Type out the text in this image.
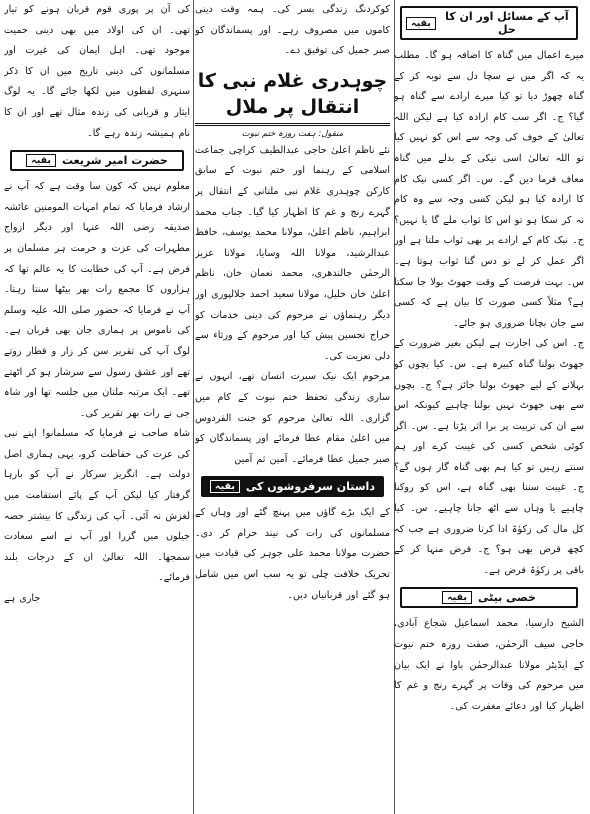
آپ کے مسائل اور ان کا حل
بقیہ

میرے اعمال میں گناہ کا اضافہ ہو گا۔ مطلب یہ کہ اگر میں نے سچا دل سے توبہ کر کے گناہ چھوڑ دیا تو کیا میرے ارادے سے گناہ ہو گیا؟ ج۔ اگر سب کام ارادہ کیا ہے لیکن اللہ تعالیٰ کے خوف کی وجہ سے اس کو نہیں کیا تو اللہ تعالیٰ اسی نیکی کے بدلے میں گناہ معاف فرما دیں گے۔ س۔ اگر کسی نیک کام کا ارادہ کیا ہو لیکن کسی وجہ سے وہ کام نہ کر سکا ہو تو اس کا ثواب ملے گا یا نہیں؟ ج۔ نیک کام کے ارادے پر بھی ثواب ملتا ہے اور اگر عمل کر لے تو دس گنا ثواب ہوتا ہے۔ س۔ بہت فرصت کے وقت جھوٹ بولا جا سکتا ہے؟ مثلاً کسی صورت کا بیان ہے کہ کسی سے جان بچانا ضروری ہو جائے۔

ج۔ اس کی اجازت ہے لیکن بغیر ضرورت کے جھوٹ بولنا گناہ کبیرہ ہے۔ س۔ کیا بچوں کو بہلانے کے لیے جھوٹ بولنا جائز ہے؟ ج۔ بچوں سے بھی جھوٹ نہیں بولنا چاہیے کیونکہ اس سے ان کی تربیت پر برا اثر پڑتا ہے۔ س۔ اگر کوئی شخص کسی کی غیبت کرے اور ہم سنتے رہیں تو کیا ہم بھی گناہ گار ہوں گے؟ ج۔ غیبت سننا بھی گناہ ہے، اس کو روکنا چاہیے یا وہاں سے اٹھ جانا چاہیے۔ س۔ کیا کل مال کی زکوٰۃ ادا کرنا ضروری ہے جب کہ کچھ قرض بھی ہو؟ ج۔ قرض منہا کر کے باقی پر زکوٰۃ فرض ہے۔

خصی بیٹی
بقیہ

الشیخ دارسیا، محمد اسماعیل شجاع آبادی، حاجی سیف الرحمٰن، صفت روزہ ختم نبوت کے ایڈیٹر مولانا عبدالرحمٰن باوا نے ایک بیان میں مرحوم کی وفات پر گہرے رنج و غم کا اظہار کیا اور دعائے مغفرت کی۔

کوکردنگ زندگی بسر کی۔ ہمہ وقت دینی کاموں میں مصروف رہے۔ اور پسماندگان کو صبر جمیل کی توفیق دے۔

چوہدری غلام نبی کا انتقال پر ملال
منقول: ہفت روزہ ختم نبوت

نئے ناظم اعلیٰ حاجی عبدالطیف کراچی جماعت اسلامی کے رہنما اور ختم نبوت کے سابق کارکن چوہدری غلام نبی ملتانی کے انتقال پر گہرے رنج و غم کا اظہار کیا گیا۔ جناب محمد ابراہیم، ناظم اعلیٰ، مولانا محمد یوسف، حافظ عبدالرشید، مولانا اللہ وسایا، مولانا عزیز الرحمٰن جالندھری، محمد نعمان خان، ناظم اعلیٰ خان خلیل، مولانا سعید احمد جلالپوری اور دیگر رہنماؤں نے مرحوم کی دینی خدمات کو خراج تحسین پیش کیا اور مرحوم کے ورثاء سے دلی تعزیت کی۔

مرحوم ایک نیک سیرت انسان تھے، انہوں نے ساری زندگی تحفظ ختم نبوت کے کام میں گزاری۔ اللہ تعالیٰ مرحوم کو جنت الفردوس میں اعلیٰ مقام عطا فرمائے اور پسماندگان کو صبر جمیل عطا فرمائے۔ آمین ثم آمین

داستان سرفروشوں کی
بقیہ

کے ایک بڑے گاؤں میں پہنچ گئے اور وہاں کے مسلمانوں کی رات کی نیند حرام کر دی۔ حضرت مولانا محمد علی جوہر کی قیادت میں تحریک خلافت چلی تو یہ سب اس میں شامل ہو گئے اور قربانیاں دیں۔

کی آن پر پوری قوم قربان ہونے کو تیار تھی۔ ان کی اولاد میں بھی دینی حمیت موجود تھی۔ اہل ایمان کی غیرت اور مسلمانوں کی دینی تاریخ میں ان کا ذکر سنہری لفظوں میں لکھا جائے گا۔ یہ لوگ ایثار و قربانی کی زندہ مثال تھے اور ان کا نام ہمیشہ زندہ رہے گا۔

حضرت امیر شریعت
بقیہ

معلوم نہیں کہ کون سا وقت ہے کہ آپ نے ارشاد فرمایا کہ تمام امہات المومنین عائشہ صدیقہ رضی اللہ عنہا اور دیگر ازواج مطہرات کی عزت و حرمت ہر مسلمان پر فرض ہے۔ آپ کی خطابت کا یہ عالم تھا کہ ہزاروں کا مجمع رات بھر بیٹھا سنتا رہتا۔ آپ نے فرمایا کہ حضور صلی اللہ علیہ وسلم کی ناموس پر ہماری جان بھی قربان ہے۔ لوگ آپ کی تقریر سن کر زار و قطار روتے تھے اور عشق رسول سے سرشار ہو کر اٹھتے تھے۔ ایک مرتبہ ملتان میں جلسہ تھا اور شاہ جی نے رات بھر تقریر کی۔

شاہ صاحب نے فرمایا کہ مسلمانو! اپنے نبی کی عزت کی حفاظت کرو، یہی ہماری اصل دولت ہے۔ انگریز سرکار نے آپ کو بارہا گرفتار کیا لیکن آپ کے پائے استقامت میں لغزش نہ آئی۔ آپ کی زندگی کا بیشتر حصہ جیلوں میں گزرا اور آپ نے اسے سعادت سمجھا۔ اللہ تعالیٰ ان کے درجات بلند فرمائے۔

جاری ہے
